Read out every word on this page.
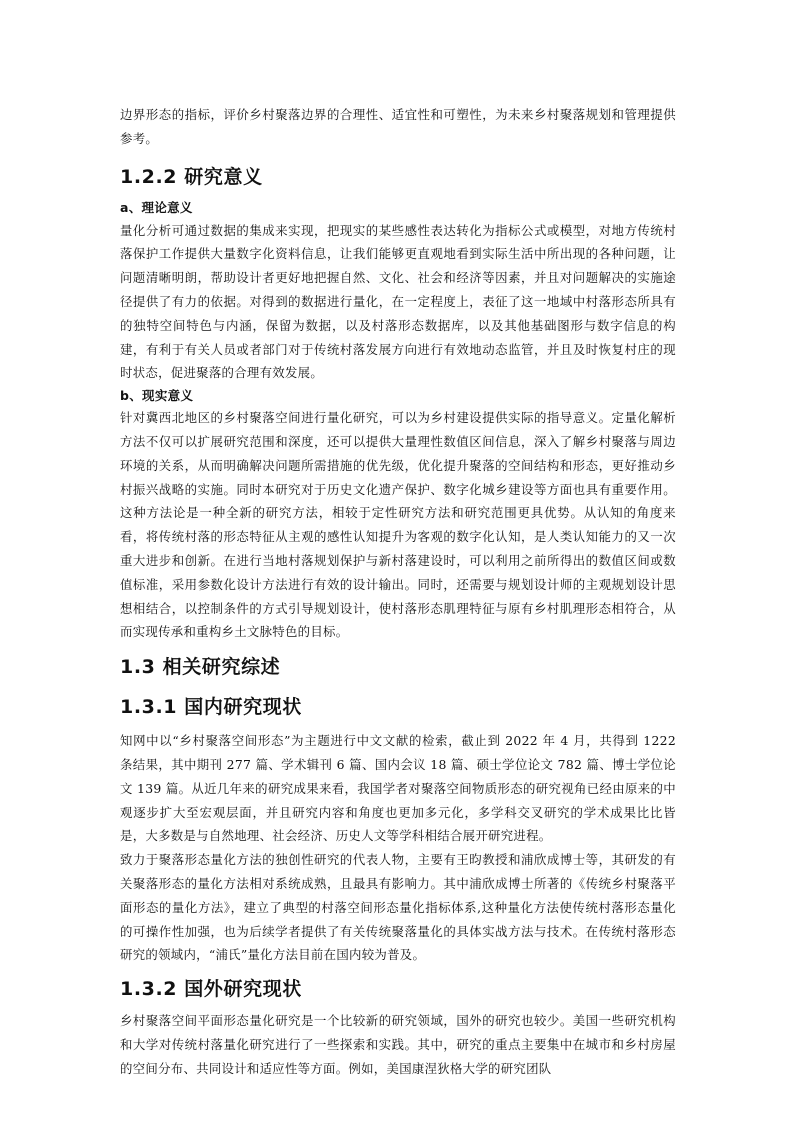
边界形态的指标，评价乡村聚落边界的合理性、适宜性和可塑性，为未来乡村聚落规划和管理提供参考。

1.2.2 研究意义
a、理论意义

量化分析可通过数据的集成来实现，把现实的某些感性表达转化为指标公式或模型，对地方传统村落保护工作提供大量数字化资料信息，让我们能够更直观地看到实际生活中所出现的各种问题，让问题清晰明朗，帮助设计者更好地把握自然、文化、社会和经济等因素，并且对问题解决的实施途径提供了有力的依据。对得到的数据进行量化，在一定程度上，表征了这一地域中村落形态所具有的独特空间特色与内涵，保留为数据，以及村落形态数据库，以及其他基础图形与数字信息的构建，有利于有关人员或者部门对于传统村落发展方向进行有效地动态监管，并且及时恢复村庄的现时状态，促进聚落的合理有效发展。

b、现实意义

针对冀西北地区的乡村聚落空间进行量化研究，可以为乡村建设提供实际的指导意义。定量化解析方法不仅可以扩展研究范围和深度，还可以提供大量理性数值区间信息，深入了解乡村聚落与周边环境的关系，从而明确解决问题所需措施的优先级，优化提升聚落的空间结构和形态，更好推动乡村振兴战略的实施。同时本研究对于历史文化遗产保护、数字化城乡建设等方面也具有重要作用。这种方法论是一种全新的研究方法，相较于定性研究方法和研究范围更具优势。从认知的角度来看，将传统村落的形态特征从主观的感性认知提升为客观的数字化认知，是人类认知能力的又一次重大进步和创新。在进行当地村落规划保护与新村落建设时，可以利用之前所得出的数值区间或数值标准，采用参数化设计方法进行有效的设计输出。同时，还需要与规划设计师的主观规划设计思想相结合，以控制条件的方式引导规划设计，使村落形态肌理特征与原有乡村肌理形态相符合，从而实现传承和重构乡土文脉特色的目标。

1.3 相关研究综述
1.3.1 国内研究现状

知网中以“乡村聚落空间形态”为主题进行中文文献的检索，截止到 2022 年 4 月，共得到 1222 条结果，其中期刊 277 篇、学术辑刊 6 篇、国内会议 18 篇、硕士学位论文 782 篇、博士学位论文 139 篇。从近几年来的研究成果来看，我国学者对聚落空间物质形态的研究视角已经由原来的中观逐步扩大至宏观层面，并且研究内容和角度也更加多元化，多学科交叉研究的学术成果比比皆是，大多数是与自然地理、社会经济、历史人文等学科相结合展开研究进程。

致力于聚落形态量化方法的独创性研究的代表人物，主要有王昀教授和浦欣成博士等，其研发的有关聚落形态的量化方法相对系统成熟，且最具有影响力。其中浦欣成博士所著的《传统乡村聚落平面形态的量化方法》，建立了典型的村落空间形态量化指标体系,这种量化方法使传统村落形态量化的可操作性加强，也为后续学者提供了有关传统聚落量化的具体实战方法与技术。在传统村落形态研究的领域内，“浦氏”量化方法目前在国内较为普及。

1.3.2 国外研究现状

乡村聚落空间平面形态量化研究是一个比较新的研究领域，国外的研究也较少。美国一些研究机构和大学对传统村落量化研究进行了一些探索和实践。其中，研究的重点主要集中在城市和乡村房屋的空间分布、共同设计和适应性等方面。例如，美国康涅狄格大学的研究团队
